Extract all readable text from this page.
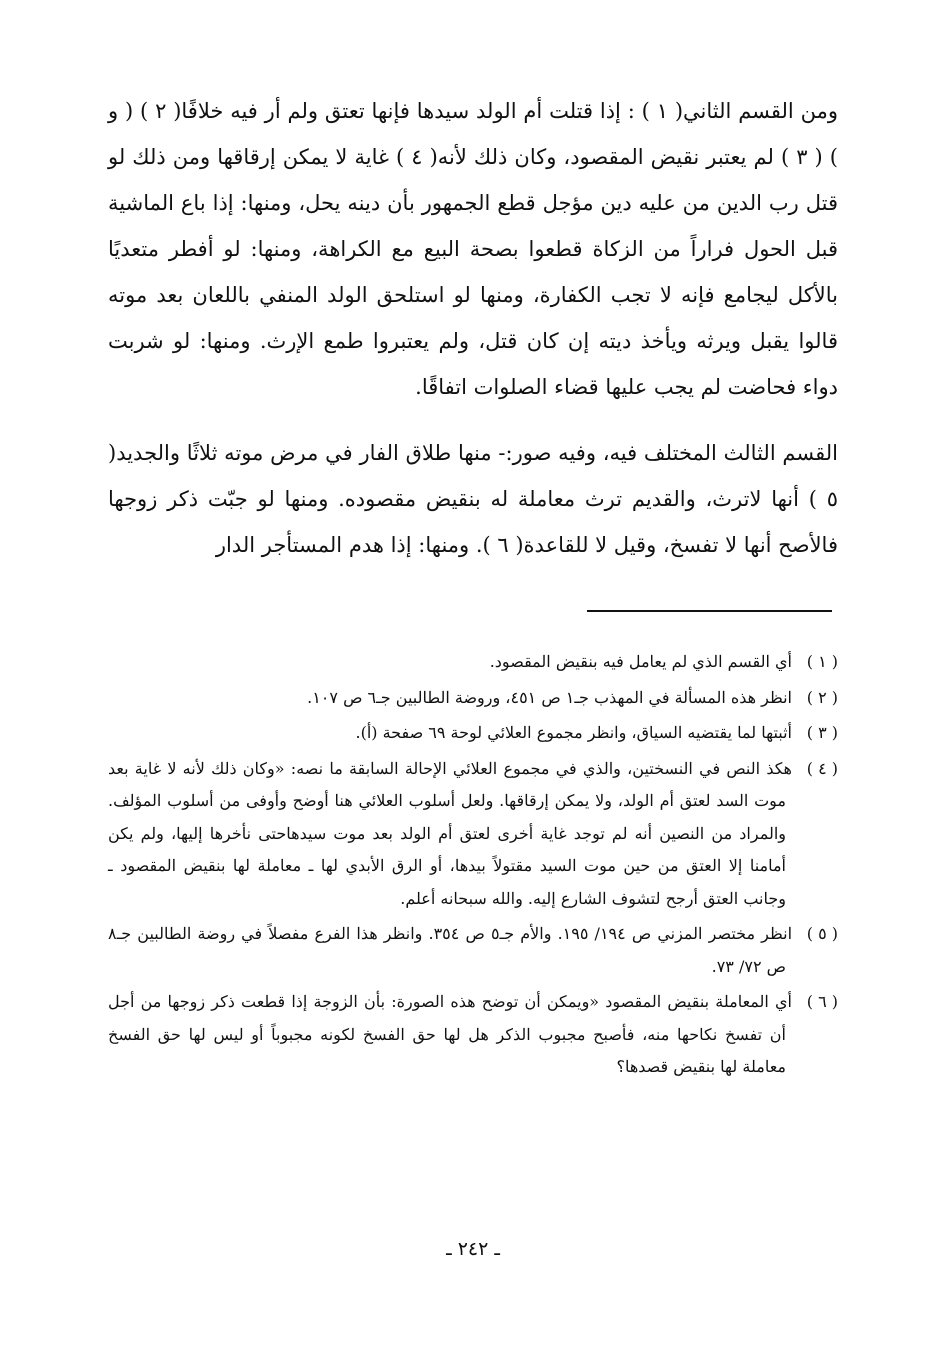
ومن القسم الثاني( ١ ) : إذا قتلت أم الولد سيدها فإنها تعتق ولم أر فيه خلافًا( ٢ ) ( و ) ( ٣ ) لم يعتبر نقيض المقصود، وكان ذلك لأنه( ٤ ) غاية لا يمكن إرقاقها ومن ذلك لو قتل رب الدين من عليه دين مؤجل قطع الجمهور بأن دينه يحل، ومنها: إذا باع الماشية قبل الحول فراراً من الزكاة قطعوا بصحة البيع مع الكراهة، ومنها: لو أفطر متعديًا بالأكل ليجامع فإنه لا تجب الكفارة، ومنها لو استلحق الولد المنفي باللعان بعد موته قالوا يقبل ويرثه ويأخذ ديته إن كان قتل، ولم يعتبروا طمع الإرث. ومنها: لو شربت دواء فحاضت لم يجب عليها قضاء الصلوات اتفاقًا.

القسم الثالث المختلف فيه، وفيه صور:- منها طلاق الفار في مرض موته ثلاثًا والجديد( ٥ ) أنها لاترث، والقديم ترث معاملة له بنقيض مقصوده. ومنها لو جبّت ذكر زوجها فالأصح أنها لا تفسخ، وقيل لا للقاعدة( ٦ ). ومنها: إذا هدم المستأجر الدار

( ١ )أي القسم الذي لم يعامل فيه بنقيض المقصود.

( ٢ )انظر هذه المسألة في المهذب جـ١ ص ٤٥١، وروضة الطالبين جـ٦ ص ١٠٧.

( ٣ )أثبتها لما يقتضيه السياق، وانظر مجموع العلائي لوحة ٦٩ صفحة (أ).

( ٤ )هكذ النص في النسختين، والذي في مجموع العلائي الإحالة السابقة ما نصه: «وكان ذلك لأنه لا غاية بعد موت السد لعتق أم الولد، ولا يمكن إرقاقها. ولعل أسلوب العلائي هنا أوضح وأوفى من أسلوب المؤلف. والمراد من النصين أنه لم توجد غاية أخرى لعتق أم الولد بعد موت سيدهاحتى نأخرها إليها، ولم يكن أمامنا إلا العتق من حين موت السيد مقتولاً بيدها، أو الرق الأبدي لها ـ معاملة لها بنقيض المقصود ـ وجانب العتق أرجح لتشوف الشارع إليه. والله سبحانه أعلم.

( ٥ )انظر مختصر المزني ص ١٩٤/ ١٩٥. والأم جـ٥ ص ٣٥٤. وانظر هذا الفرع مفصلاً في روضة الطالبين جـ٨ ص ٧٢/ ٧٣.

( ٦ )أي المعاملة بنقيض المقصود «ويمكن أن توضح هذه الصورة: بأن الزوجة إذا قطعت ذكر زوجها من أجل أن تفسخ نكاحها منه، فأصبح مجبوب الذكر هل لها حق الفسخ لكونه مجبوباً أو ليس لها حق الفسخ معاملة لها بنقيض قصدها؟

ـ ٢٤٢ ـ
